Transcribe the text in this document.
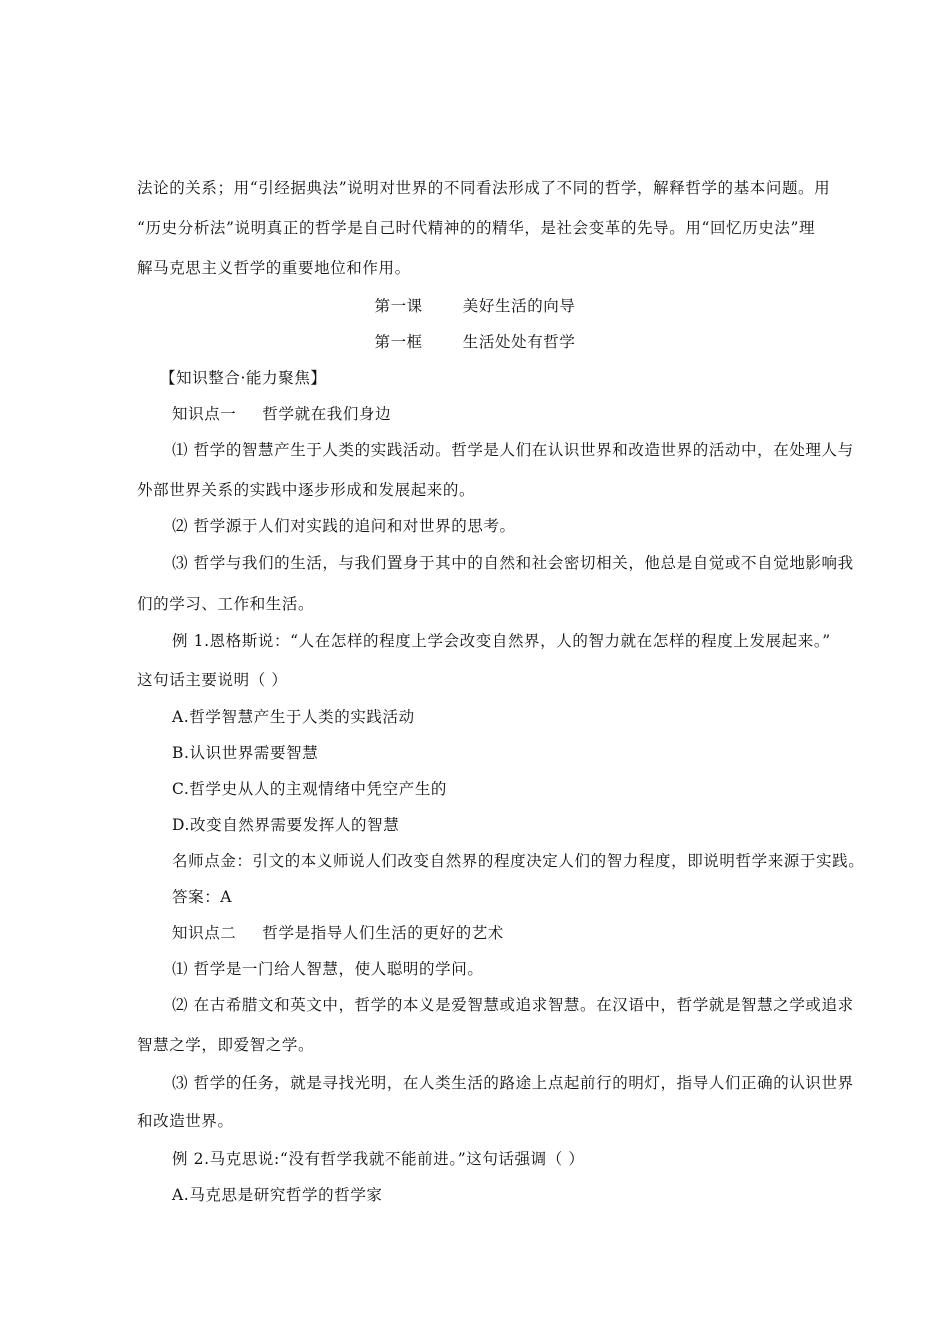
法论的关系；用“引经据典法”说明对世界的不同看法形成了不同的哲学，解释哲学的基本问题。用
“历史分析法”说明真正的哲学是自己时代精神的的精华，是社会变革的先导。用“回忆历史法”理
解马克思主义哲学的重要地位和作用。
第一课	美好生活的向导
第一框	生活处处有哲学
【知识整合·能力聚焦】
知识点一 哲学就在我们身边
⑴ 哲学的智慧产生于人类的实践活动。哲学是人们在认识世界和改造世界的活动中，在处理人与
外部世界关系的实践中逐步形成和发展起来的。
⑵ 哲学源于人们对实践的追问和对世界的思考。
⑶ 哲学与我们的生活，与我们置身于其中的自然和社会密切相关，他总是自觉或不自觉地影响我
们的学习、工作和生活。
例 1.恩格斯说：“人在怎样的程度上学会改变自然界，人的智力就在怎样的程度上发展起来。”
这句话主要说明（ ）
A.哲学智慧产生于人类的实践活动
B.认识世界需要智慧
C.哲学史从人的主观情绪中凭空产生的
D.改变自然界需要发挥人的智慧
名师点金：引文的本义师说人们改变自然界的程度决定人们的智力程度，即说明哲学来源于实践。
答案：A
知识点二 哲学是指导人们生活的更好的艺术
⑴ 哲学是一门给人智慧，使人聪明的学问。
⑵ 在古希腊文和英文中，哲学的本义是爱智慧或追求智慧。在汉语中，哲学就是智慧之学或追求
智慧之学，即爱智之学。
⑶ 哲学的任务，就是寻找光明，在人类生活的路途上点起前行的明灯，指导人们正确的认识世界
和改造世界。
例 2.马克思说:“没有哲学我就不能前进。”这句话强调（ ）
A.马克思是研究哲学的哲学家
